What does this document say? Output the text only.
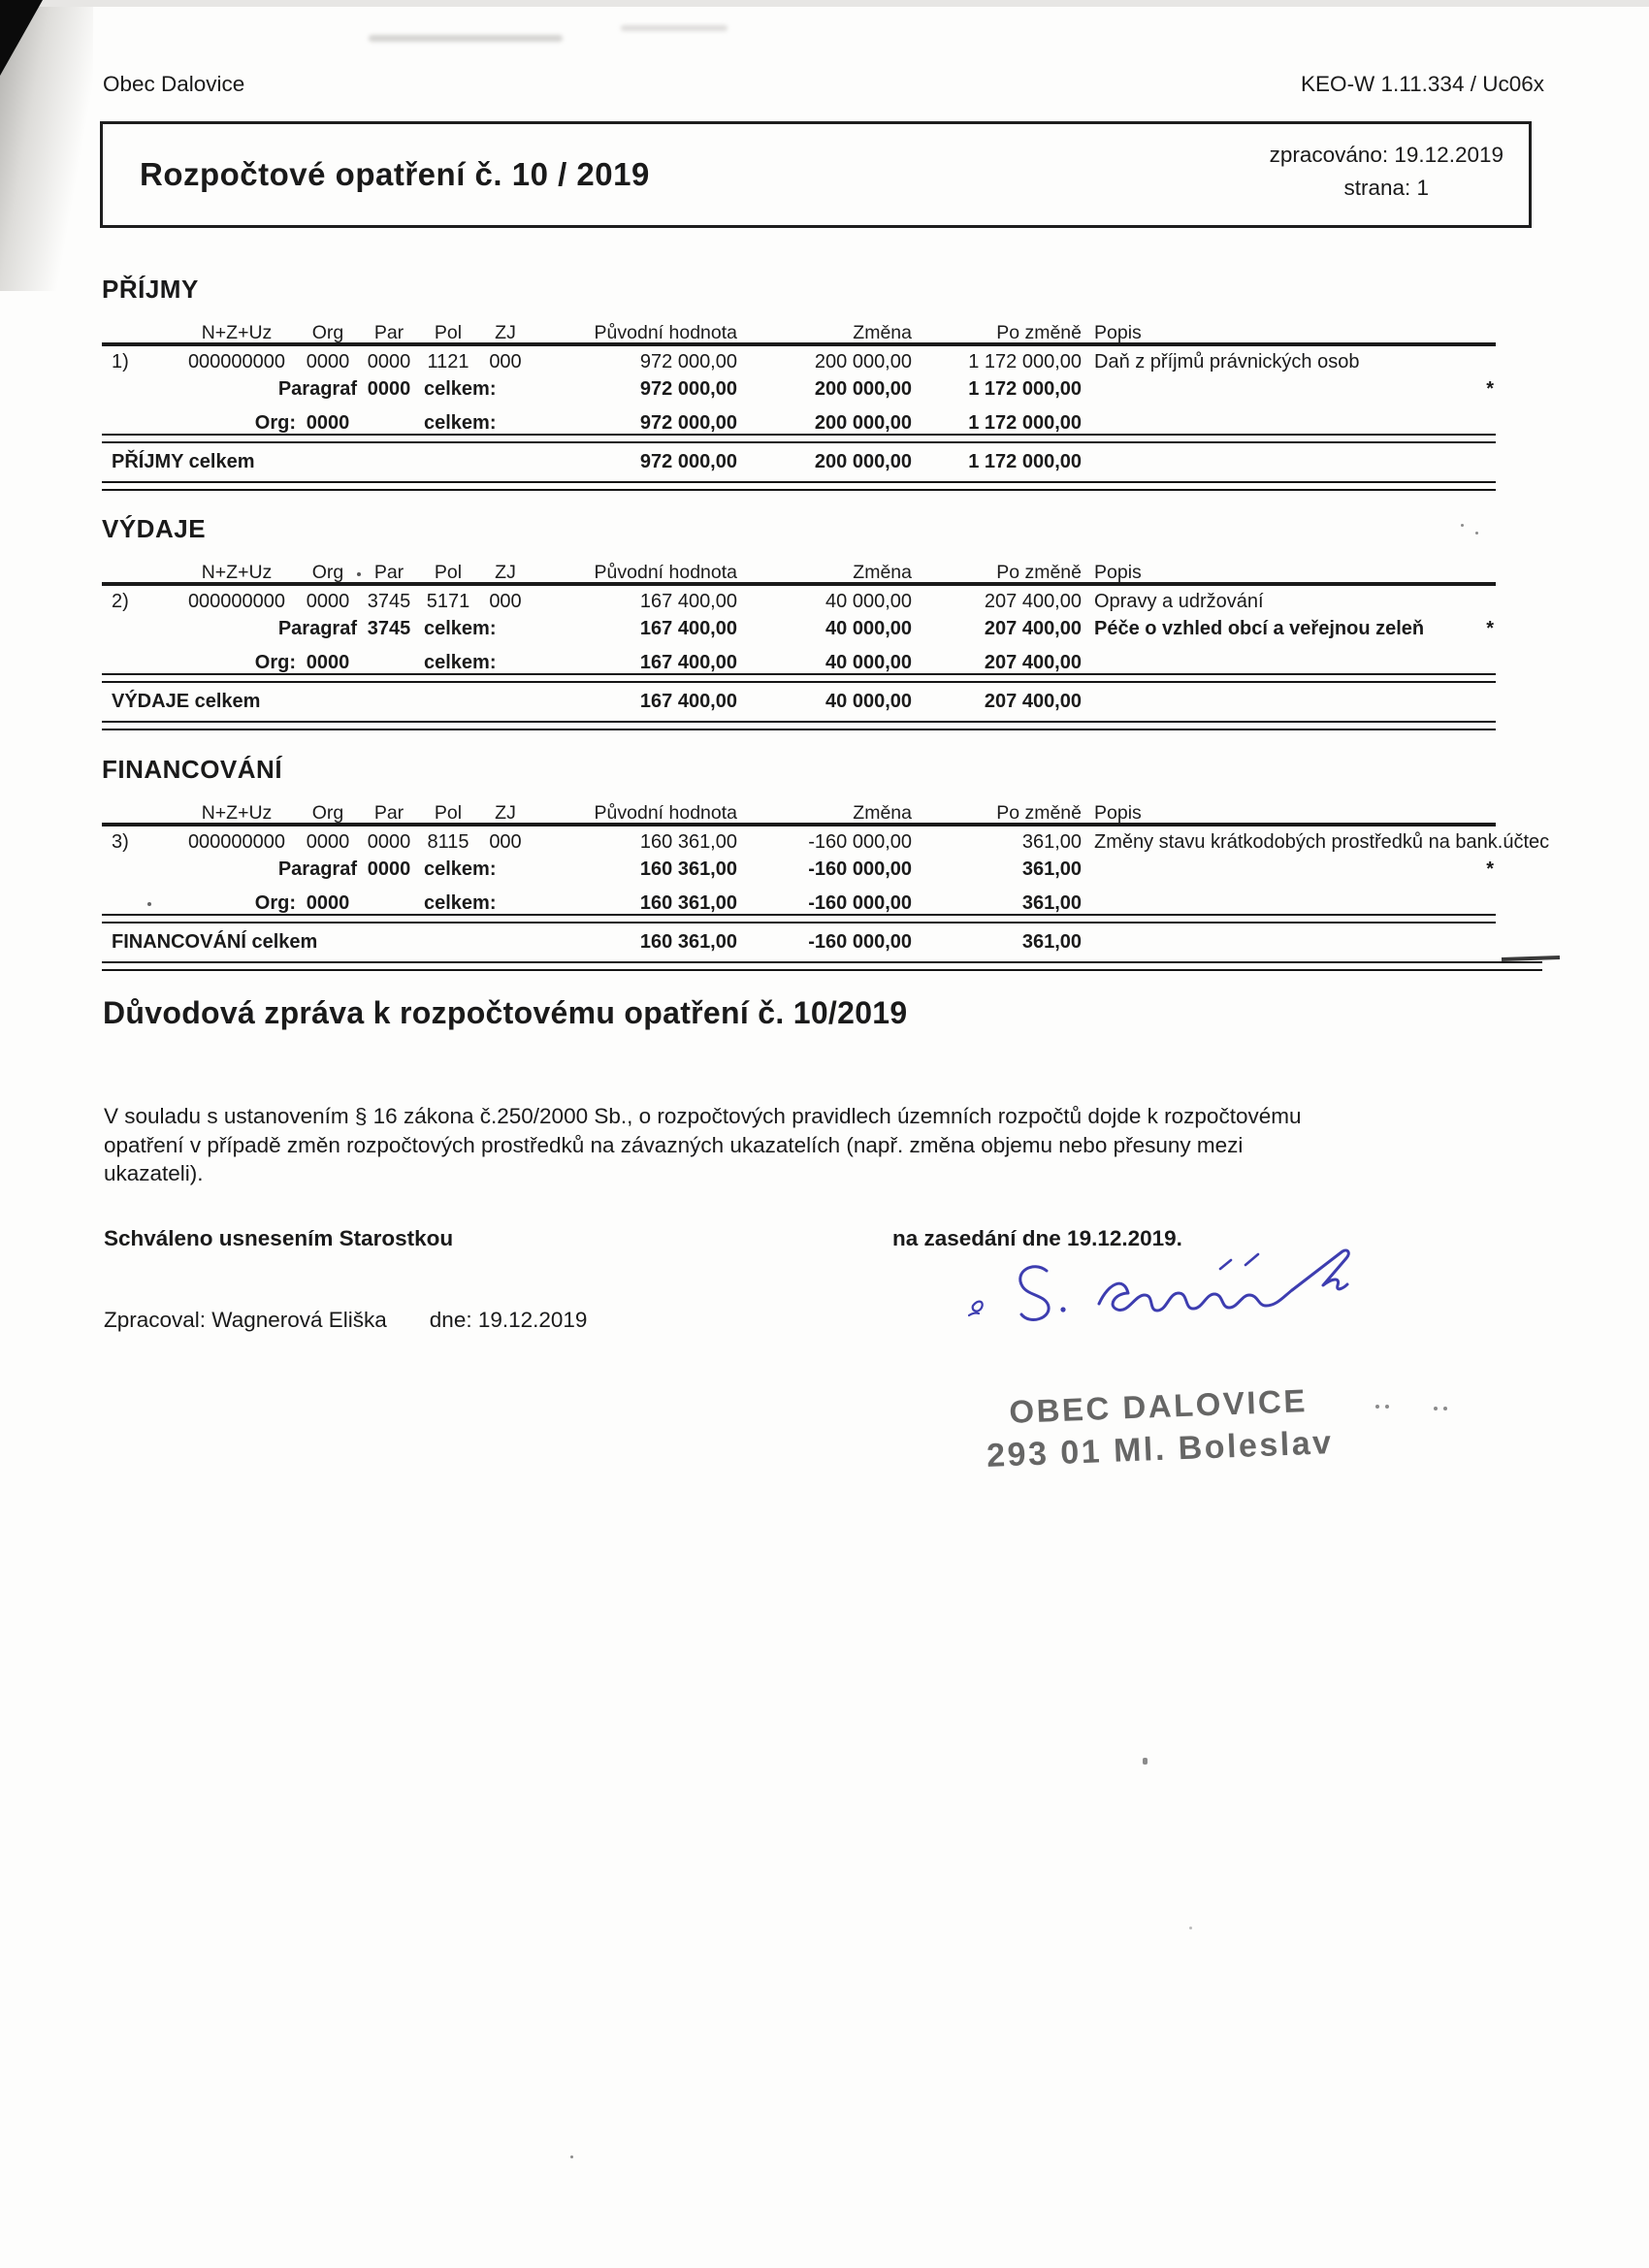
Obec Dalovice	KEO-W 1.11.334 / Uc06x
Rozpočtové opatření č. 10 / 2019
zpracováno: 19.12.2019
strana: 1
PŘÍJMY
N+Z+Uz	Org	Par	Pol	ZJ	Původní hodnota	Změna	Po změně Popis
1)	000000000	0000 0000 1121	000	972 000,00	200 000,00	1 172 000,00 Daň z příjmů právnických osob
Paragraf 0000 celkem:	972 000,00	200 000,00	1 172 000,00	*
Org: 0000	celkem:	972 000,00	200 000,00	1 172 000,00
PŘÍJMY celkem	972 000,00	200 000,00	1 172 000,00
VÝDAJE
N+Z+Uz	Org	Par	Pol	ZJ	Původní hodnota	Změna	Po změně Popis
2)	000000000	0000 3745 5171	000	167 400,00	40 000,00	207 400,00 Opravy a udržování
Paragraf 3745 celkem:	167 400,00	40 000,00	207 400,00 Péče o vzhled obcí a veřejnou zeleň	*
Org: 0000	celkem:	167 400,00	40 000,00	207 400,00
VÝDAJE celkem	167 400,00	40 000,00	207 400,00
FINANCOVÁNÍ
N+Z+Uz	Org	Par	Pol	ZJ	Původní hodnota	Změna	Po změně Popis
3)	000000000	0000 0000 8115	000	160 361,00	-160 000,00	361,00 Změny stavu krátkodobých prostředků na bank.účtec
Paragraf 0000 celkem:	160 361,00	-160 000,00	361,00	*
Org: 0000	celkem:	160 361,00	-160 000,00	361,00
FINANCOVÁNÍ celkem	160 361,00	-160 000,00	361,00
Důvodová zpráva k rozpočtovému opatření č. 10/2019
V souladu s ustanovením § 16 zákona č.250/2000 Sb., o rozpočtových pravidlech územních rozpočtů dojde k rozpočtovému
opatření v případě změn rozpočtových prostředků na závazných ukazatelích (např. změna objemu nebo přesuny mezi
ukazateli).
Schváleno usnesením Starostkou	na zasedání dne 19.12.2019.
Zpracoval: Wagnerová Eliška dne: 19.12.2019
OBEC DALOVICE
293 01 Ml. Boleslav
